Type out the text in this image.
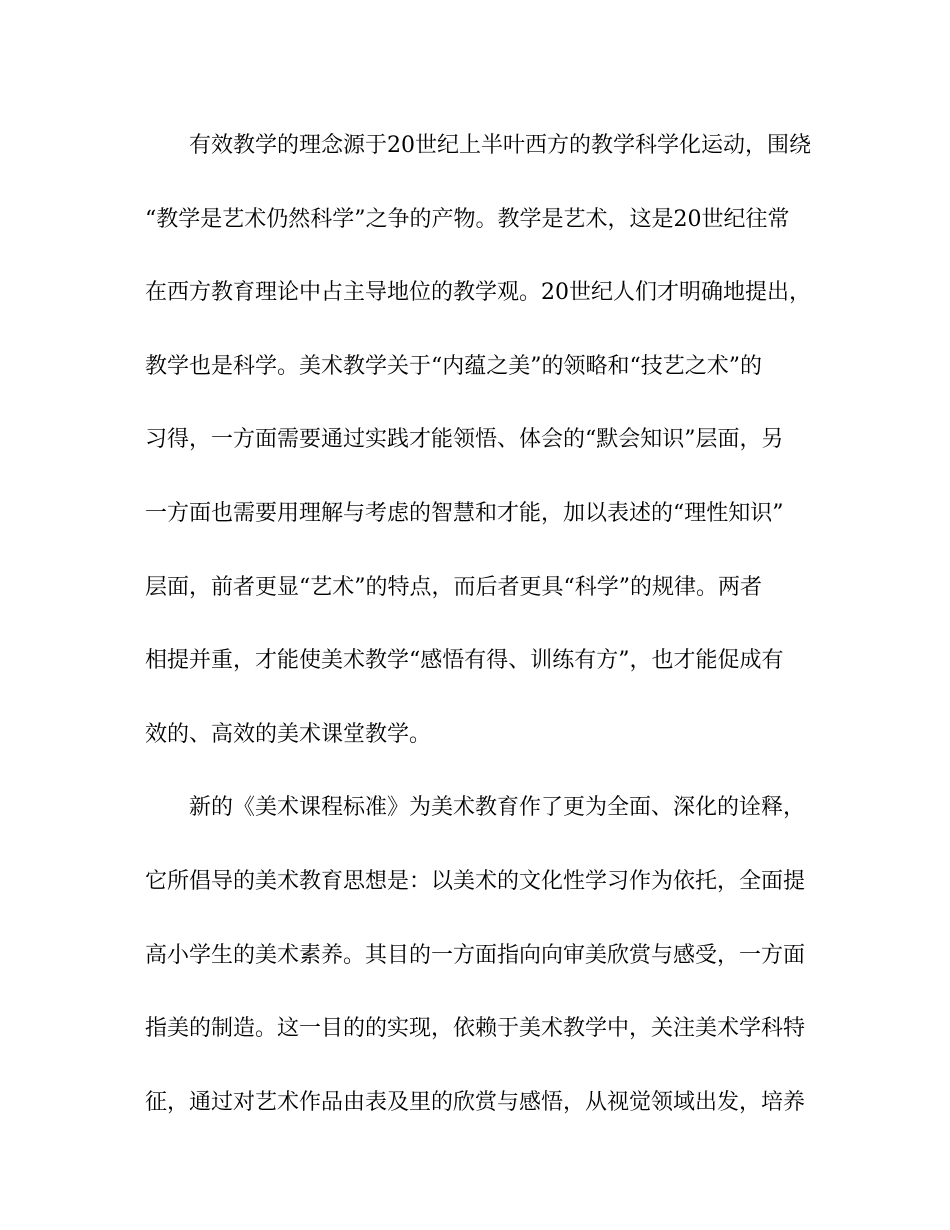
有效教学的理念源于20世纪上半叶西方的教学科学化运动，围绕
“教学是艺术仍然科学”之争的产物。教学是艺术，这是20世纪往常
在西方教育理论中占主导地位的教学观。20世纪人们才明确地提出，
教学也是科学。美术教学关于“内蕴之美”的领略和“技艺之术”的
习得，一方面需要通过实践才能领悟、体会的“默会知识”层面，另
一方面也需要用理解与考虑的智慧和才能，加以表述的“理性知识”
层面，前者更显“艺术”的特点，而后者更具“科学”的规律。两者
相提并重，才能使美术教学“感悟有得、训练有方”，也才能促成有
效的、高效的美术课堂教学。
新的《美术课程标准》为美术教育作了更为全面、深化的诠释，
它所倡导的美术教育思想是：以美术的文化性学习作为依托，全面提
高小学生的美术素养。其目的一方面指向向审美欣赏与感受，一方面
指美的制造。这一目的的实现，依赖于美术教学中，关注美术学科特
征，通过对艺术作品由表及里的欣赏与感悟，从视觉领域出发，培养
